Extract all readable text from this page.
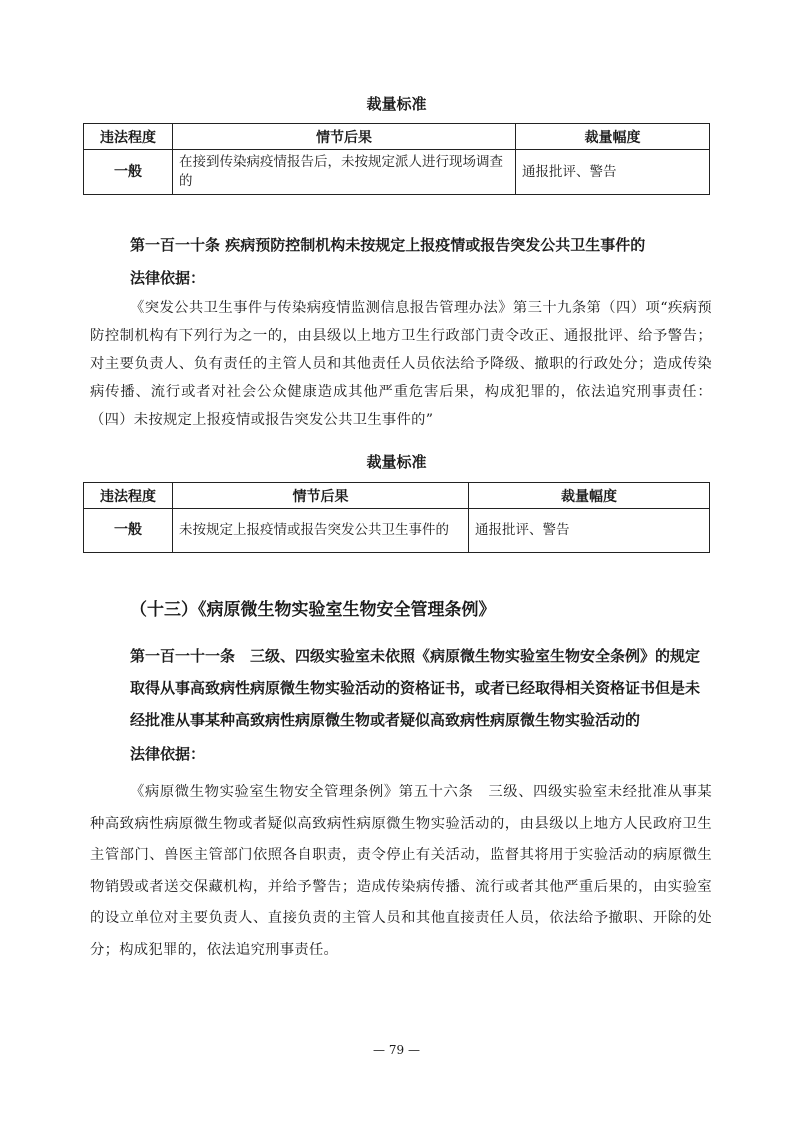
裁量标准
违法程度	情节后果	裁量幅度
一般	在接到传染病疫情报告后，未按规定派人进行现场调查的	通报批评、警告
第一百一十条 疾病预防控制机构未按规定上报疫情或报告突发公共卫生事件的
法律依据：
《突发公共卫生事件与传染病疫情监测信息报告管理办法》第三十九条第（四）项“疾病预防控制机构有下列行为之一的，由县级以上地方卫生行政部门责令改正、通报批评、给予警告；对主要负责人、负有责任的主管人员和其他责任人员依法给予降级、撤职的行政处分；造成传染病传播、流行或者对社会公众健康造成其他严重危害后果，构成犯罪的，依法追究刑事责任：（四）未按规定上报疫情或报告突发公共卫生事件的”
裁量标准
违法程度	情节后果	裁量幅度
一般	未按规定上报疫情或报告突发公共卫生事件的	通报批评、警告
（十三）《病原微生物实验室生物安全管理条例》
第一百一十一条　三级、四级实验室未依照《病原微生物实验室生物安全条例》的规定取得从事高致病性病原微生物实验活动的资格证书，或者已经取得相关资格证书但是未经批准从事某种高致病性病原微生物或者疑似高致病性病原微生物实验活动的
法律依据：
《病原微生物实验室生物安全管理条例》第五十六条　三级、四级实验室未经批准从事某种高致病性病原微生物或者疑似高致病性病原微生物实验活动的，由县级以上地方人民政府卫生主管部门、兽医主管部门依照各自职责，责令停止有关活动，监督其将用于实验活动的病原微生物销毁或者送交保藏机构，并给予警告；造成传染病传播、流行或者其他严重后果的，由实验室的设立单位对主要负责人、直接负责的主管人员和其他直接责任人员，依法给予撤职、开除的处分；构成犯罪的，依法追究刑事责任。
— 79 —
